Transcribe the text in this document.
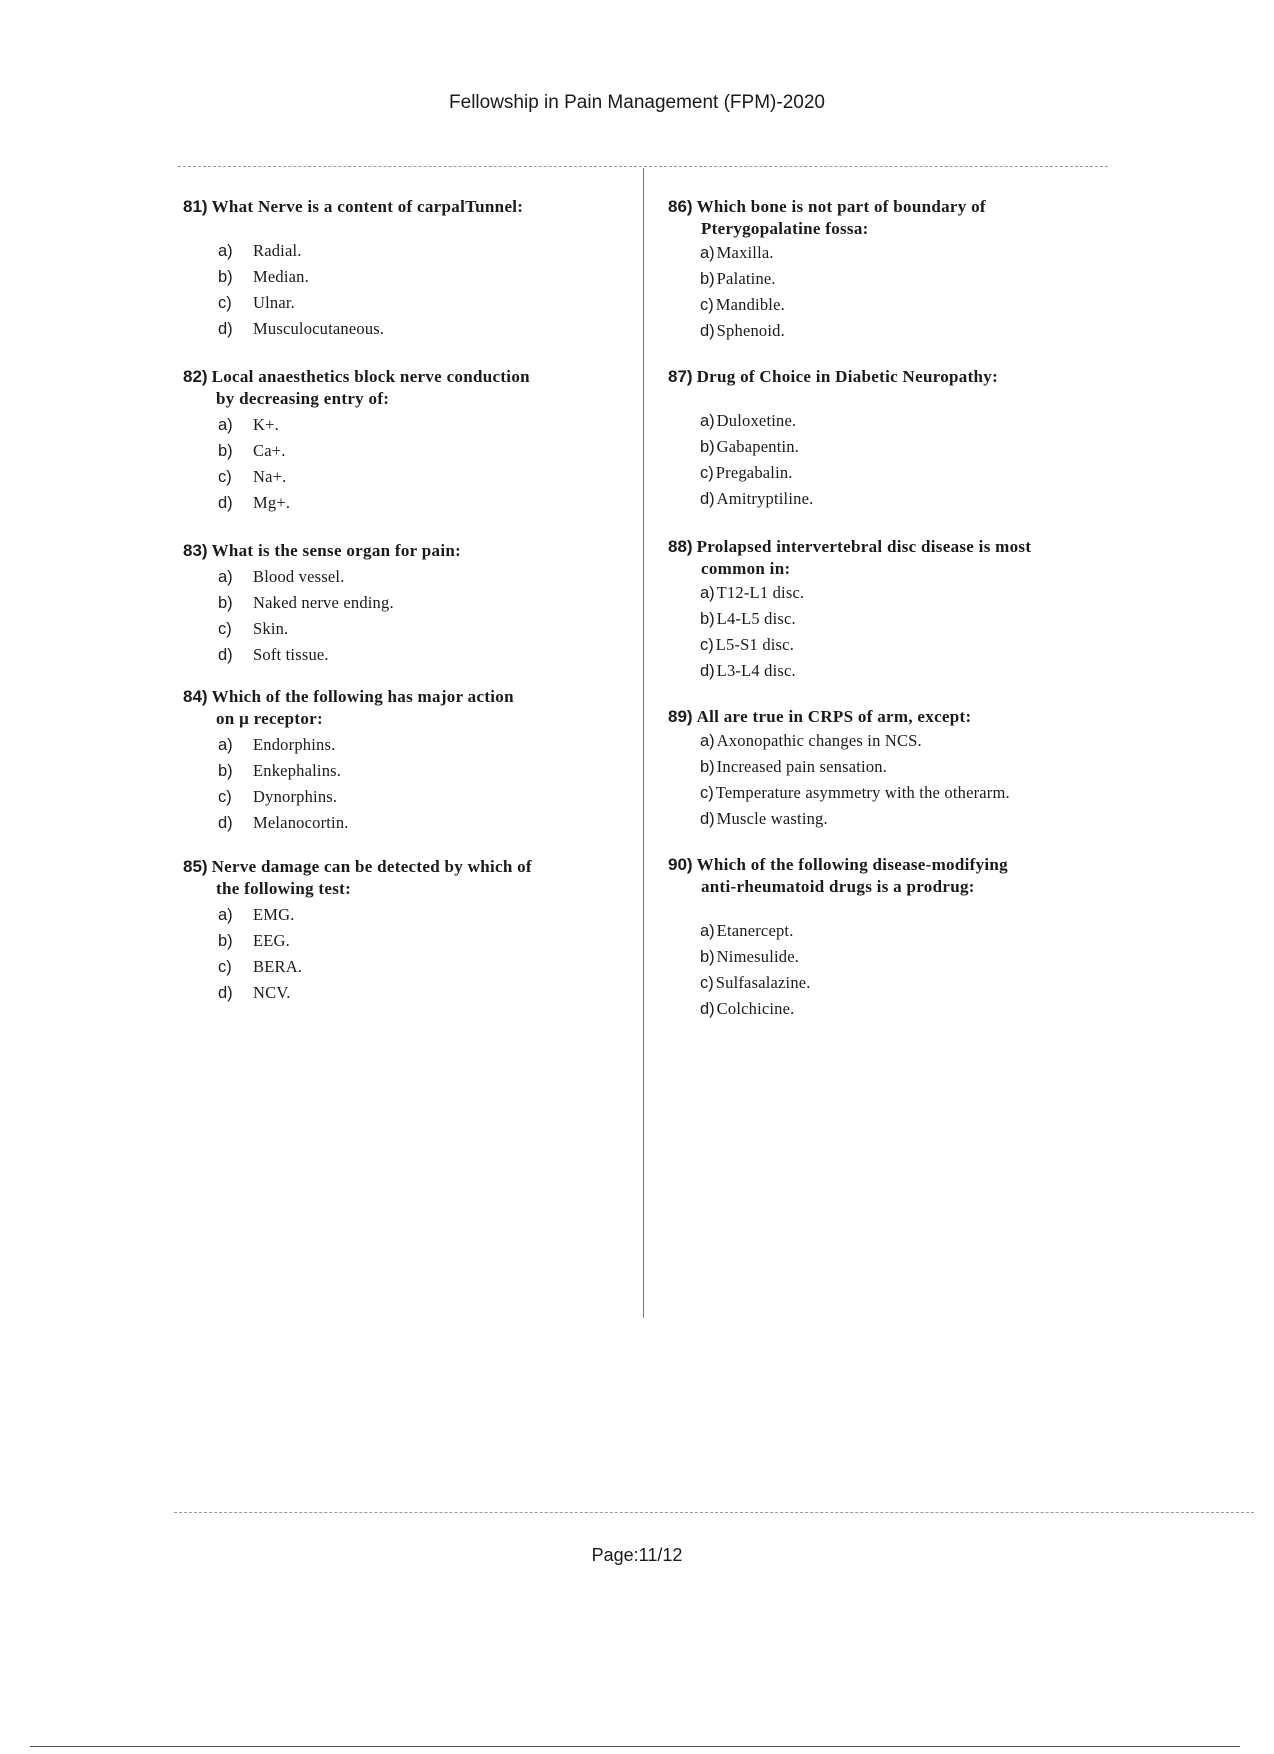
Fellowship in Pain Management (FPM)-2020
81) What Nerve is a content of carpalTunnel:
a)	Radial.
b)	Median.
c)	Ulnar.
d)	Musculocutaneous.
82) Local anaesthetics block nerve conduction
by decreasing entry of:
a)	K+.
b)	Ca+.
c)	Na+.
d)	Mg+.
83) What is the sense organ for pain:
a)	Blood vessel.
b)	Naked nerve ending.
c)	Skin.
d)	Soft tissue.
84) Which of the following has major action
on μ receptor:
a)	Endorphins.
b)	Enkephalins.
c)	Dynorphins.
d)	Melanocortin.
85) Nerve damage can be detected by which of
the following test:
a)	EMG.
b)	EEG.
c)	BERA.
d)	NCV.
86) Which bone is not part of boundary of
Pterygopalatine fossa:
a) Maxilla.
b) Palatine.
c) Mandible.
d) Sphenoid.
87) Drug of Choice in Diabetic Neuropathy:
a) Duloxetine.
b) Gabapentin.
c) Pregabalin.
d) Amitryptiline.
88) Prolapsed intervertebral disc disease is most
common in:
a) T12-L1 disc.
b) L4-L5 disc.
c) L5-S1 disc.
d) L3-L4 disc.
89) All are true in CRPS of arm, except:
a) Axonopathic changes in NCS.
b) Increased pain sensation.
c) Temperature asymmetry with the otherarm.
d) Muscle wasting.
90) Which of the following disease-modifying
anti-rheumatoid drugs is a prodrug:
a) Etanercept.
b) Nimesulide.
c) Sulfasalazine.
d) Colchicine.
Page:11/12
